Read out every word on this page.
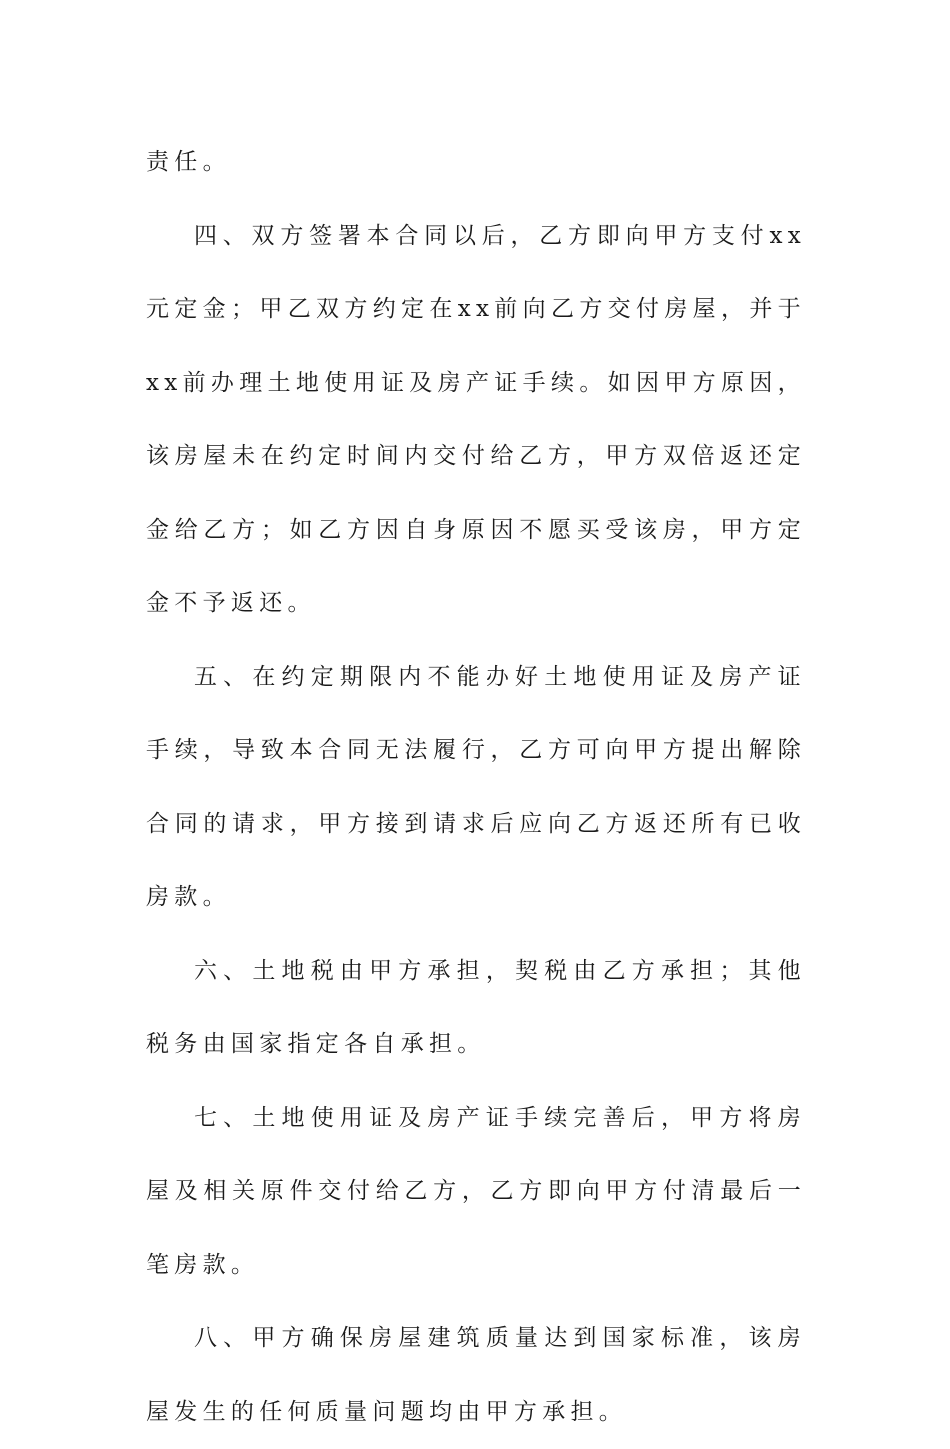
责任。

四、双方签署本合同以后，乙方即向甲方支付xx元定金；甲乙双方约定在xx前向乙方交付房屋，并于xx前办理土地使用证及房产证手续。如因甲方原因，该房屋未在约定时间内交付给乙方，甲方双倍返还定金给乙方；如乙方因自身原因不愿买受该房，甲方定金不予返还。

五、在约定期限内不能办好土地使用证及房产证手续，导致本合同无法履行，乙方可向甲方提出解除合同的请求，甲方接到请求后应向乙方返还所有已收房款。

六、土地税由甲方承担，契税由乙方承担；其他税务由国家指定各自承担。

七、土地使用证及房产证手续完善后，甲方将房屋及相关原件交付给乙方，乙方即向甲方付清最后一笔房款。

八、甲方确保房屋建筑质量达到国家标准，该房屋发生的任何质量问题均由甲方承担。
